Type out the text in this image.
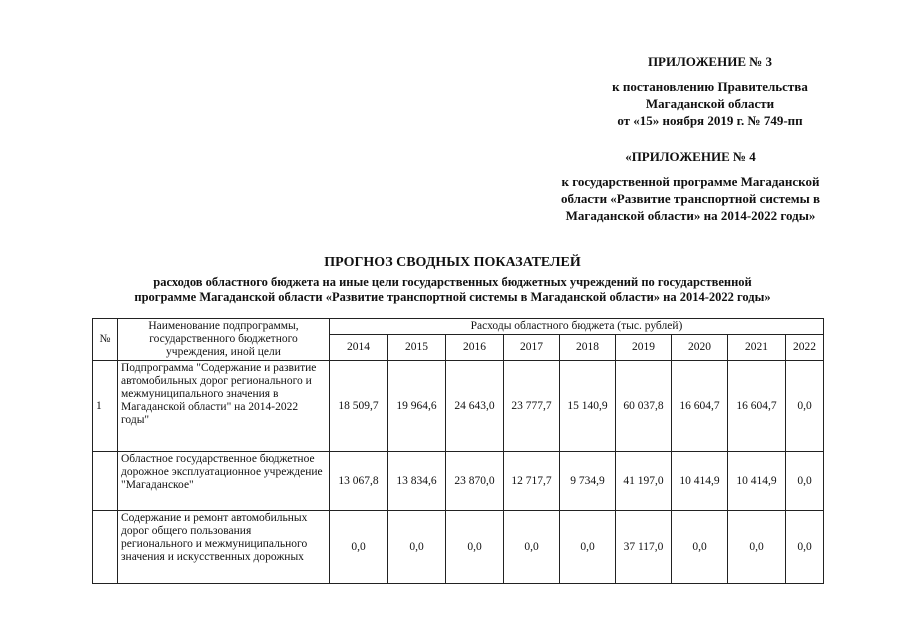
ПРИЛОЖЕНИЕ № 3
к постановлению Правительства
Магаданской области
от «15» ноября 2019 г. № 749-пп
«ПРИЛОЖЕНИЕ № 4
к государственной программе Магаданской
области «Развитие транспортной системы в
Магаданской области» на 2014-2022 годы»
ПРОГНОЗ СВОДНЫХ ПОКАЗАТЕЛЕЙ
расходов областного бюджета на иные цели государственных бюджетных учреждений по государственной
программе Магаданской области «Развитие транспортной системы в Магаданской области» на 2014-2022 годы»
№	Наименование подпрограммы, государственного бюджетного учреждения, иной цели	Расходы областного бюджета (тыс. рублей)								
		2014	2015	2016	2017	2018	2019	2020	2021	2022
1	Подпрограмма "Содержание и развитие автомобильных дорог регионального и межмуниципального значения в Магаданской области" на 2014-2022 годы"	18 509,7	19 964,6	24 643,0	23 777,7	15 140,9	60 037,8	16 604,7	16 604,7	0,0
	Областное государственное бюджетное дорожное эксплуатационное учреждение "Магаданское"	13 067,8	13 834,6	23 870,0	12 717,7	9 734,9	41 197,0	10 414,9	10 414,9	0,0

	Содержание и ремонт автомобильных дорог общего пользования регионального и межмуниципального значения и искусственных дорожных	0,0	0,0	0,0	0,0	0,0	37 117,0	0,0	0,0	0,0
